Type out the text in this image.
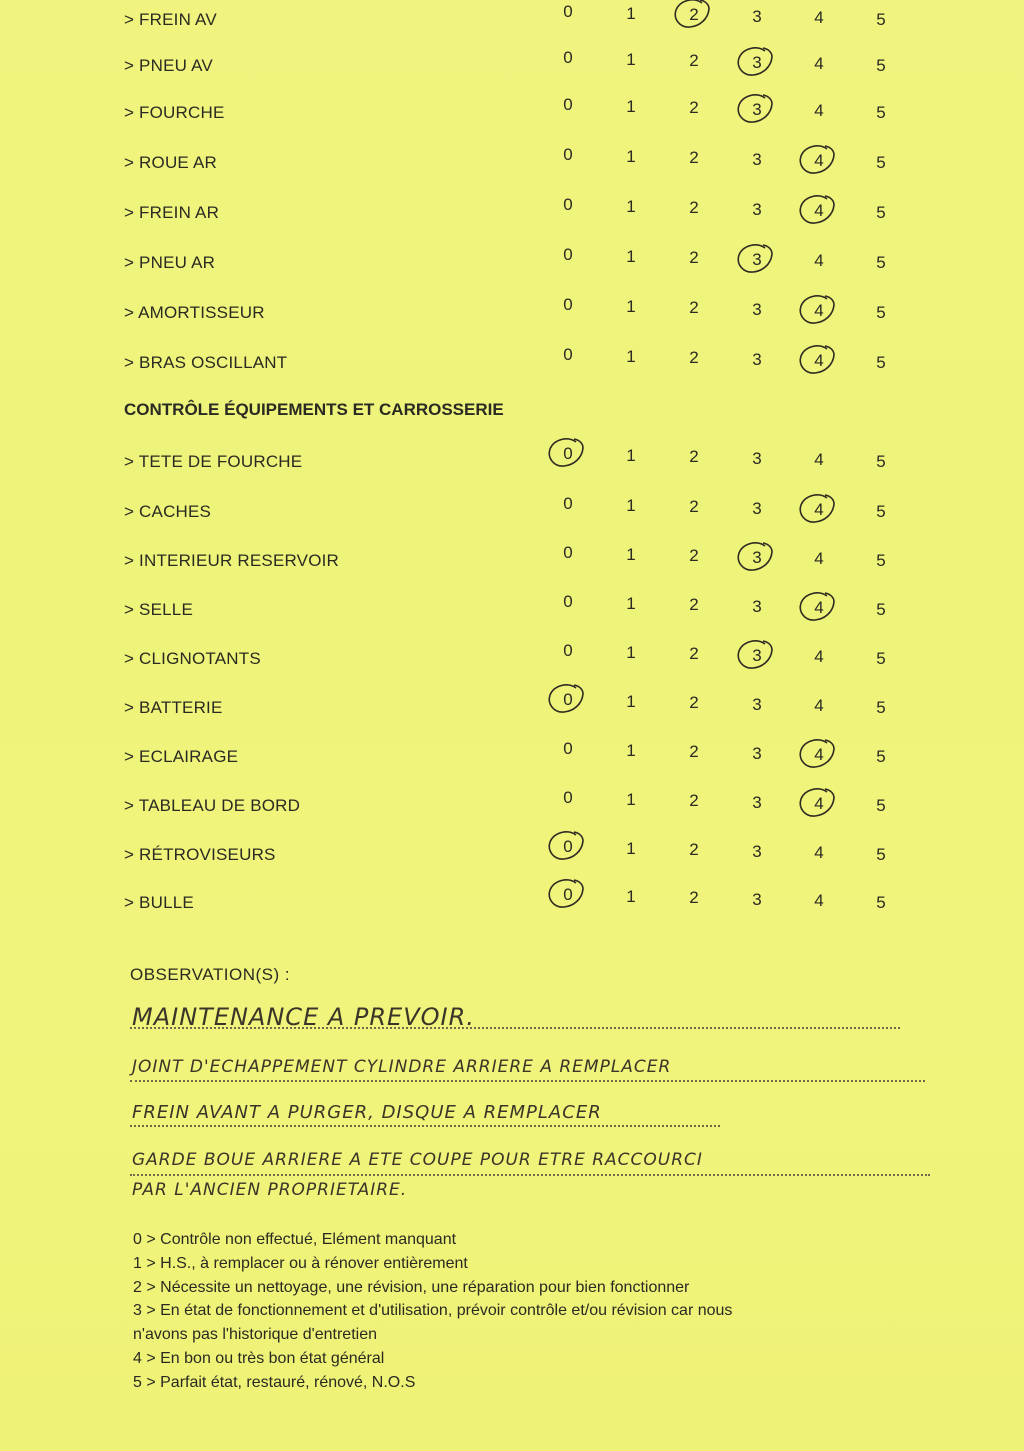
> FREIN AV	0	1	2	3	4	5
> PNEU AV	0	1	2	3	4	5
> FOURCHE	0	1	2	3	4	5
> ROUE AR	0	1	2	3	4	5
> FREIN AR	0	1	2	3	4	5
> PNEU AR	0	1	2	3	4	5
> AMORTISSEUR	0	1	2	3	4	5
> BRAS OSCILLANT	0	1	2	3	4	5
> TETE DE FOURCHE	0	1	2	3	4	5
> CACHES	0	1	2	3	4	5
> INTERIEUR RESERVOIR	0	1	2	3	4	5
> SELLE	0	1	2	3	4	5
> CLIGNOTANTS	0	1	2	3	4	5
> BATTERIE	0	1	2	3	4	5
> ECLAIRAGE	0	1	2	3	4	5
> TABLEAU DE BORD	0	1	2	3	4	5
> RÉTROVISEURS	0	1	2	3	4	5
> BULLE	0	1	2	3	4	5
CONTRÔLE ÉQUIPEMENTS ET CARROSSERIE
OBSERVATION(S) :
MAINTENANCE A PREVOIR.
JOINT D'ECHAPPEMENT CYLINDRE ARRIERE A REMPLACER
FREIN AVANT A PURGER, DISQUE A REMPLACER
GARDE BOUE ARRIERE A ETE COUPE POUR ETRE RACCOURCI
PAR L'ANCIEN PROPRIETAIRE.
0 > Contrôle non effectué, Elément manquant
1 > H.S., à remplacer ou à rénover entièrement
2 > Nécessite un nettoyage, une révision, une réparation pour bien fonctionner
3 > En état de fonctionnement et d'utilisation, prévoir contrôle et/ou révision car nous
n'avons pas l'historique d'entretien
4 > En bon ou très bon état général
5 > Parfait état, restauré, rénové, N.O.S
